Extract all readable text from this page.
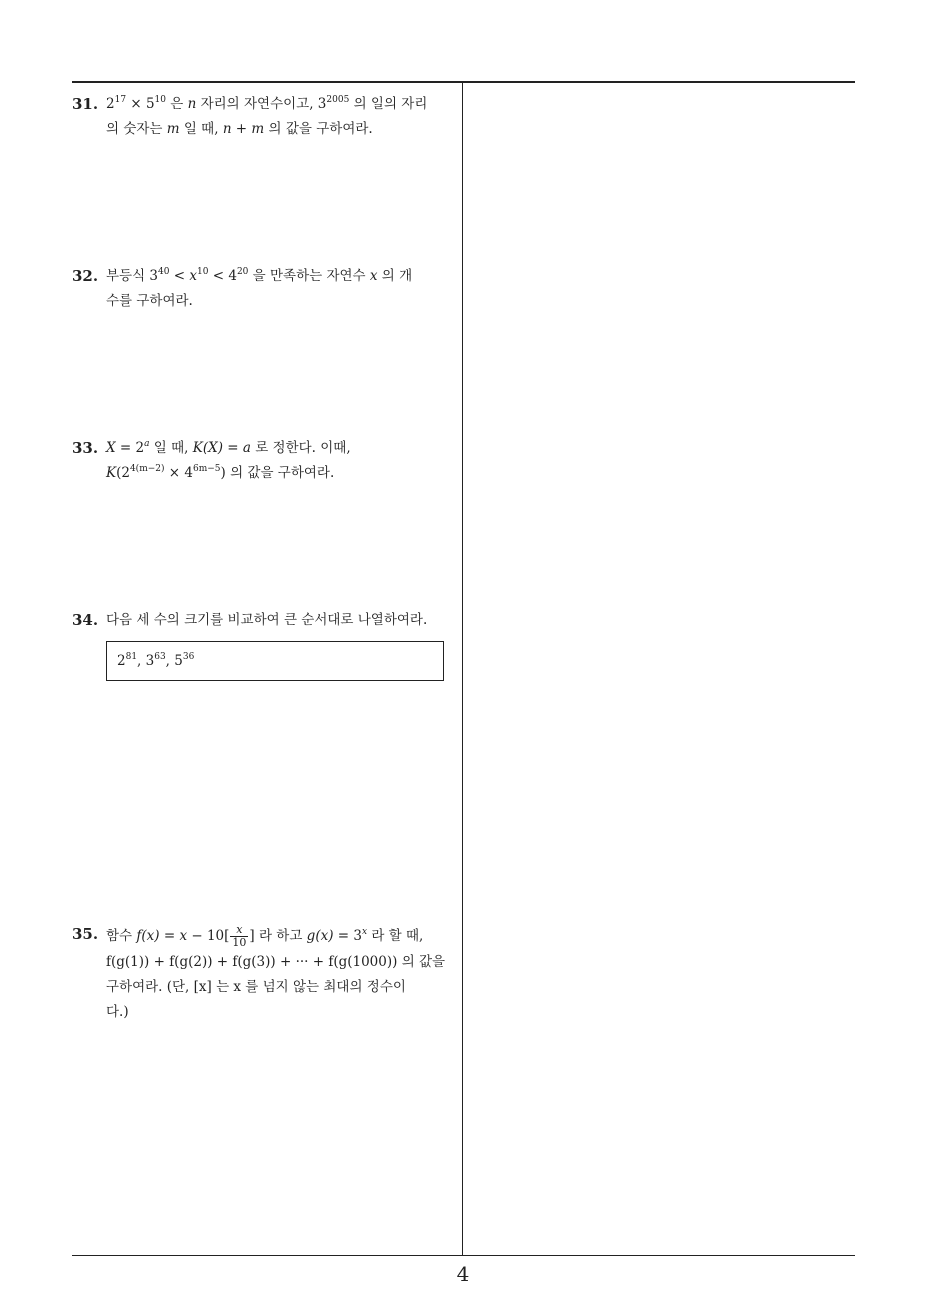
31. $2^{17} \times 5^{10}$ 은 n 자리의 자연수이고, $3^{2005}$ 의 일의 자리

의 숫자는 m 일 때, n + m 의 값을 구하여라.

32. 부등식 $3^{40} < x^{10} < 4^{20}$ 을 만족하는 자연수 x 의 개

수를 구하여라.

33. $X = 2^a$ 일 때, K(X) = a 로 정한다. 이때,

$K(2^{4(m-2)} \times 4^{6m-5})$ 의 값을 구하여라.

34. 다음 세 수의 크기를 비교하여 큰 순서대로 나열하여라.

$2^{81}$, $3^{63}$, $5^{36}$
35. 함수 $f(x) = x - 10[ \frac{x}{10}$ ] 라 하고 $g(x) = 3^x$ 라 할 때,

f(g(1)) + f(g(2)) + f(g(3)) + ··· + f(g(1000)) 의 값을

구하여라. (단, [x] 는 x 를 넘지 않는 최대의 정수이

다.)

4
